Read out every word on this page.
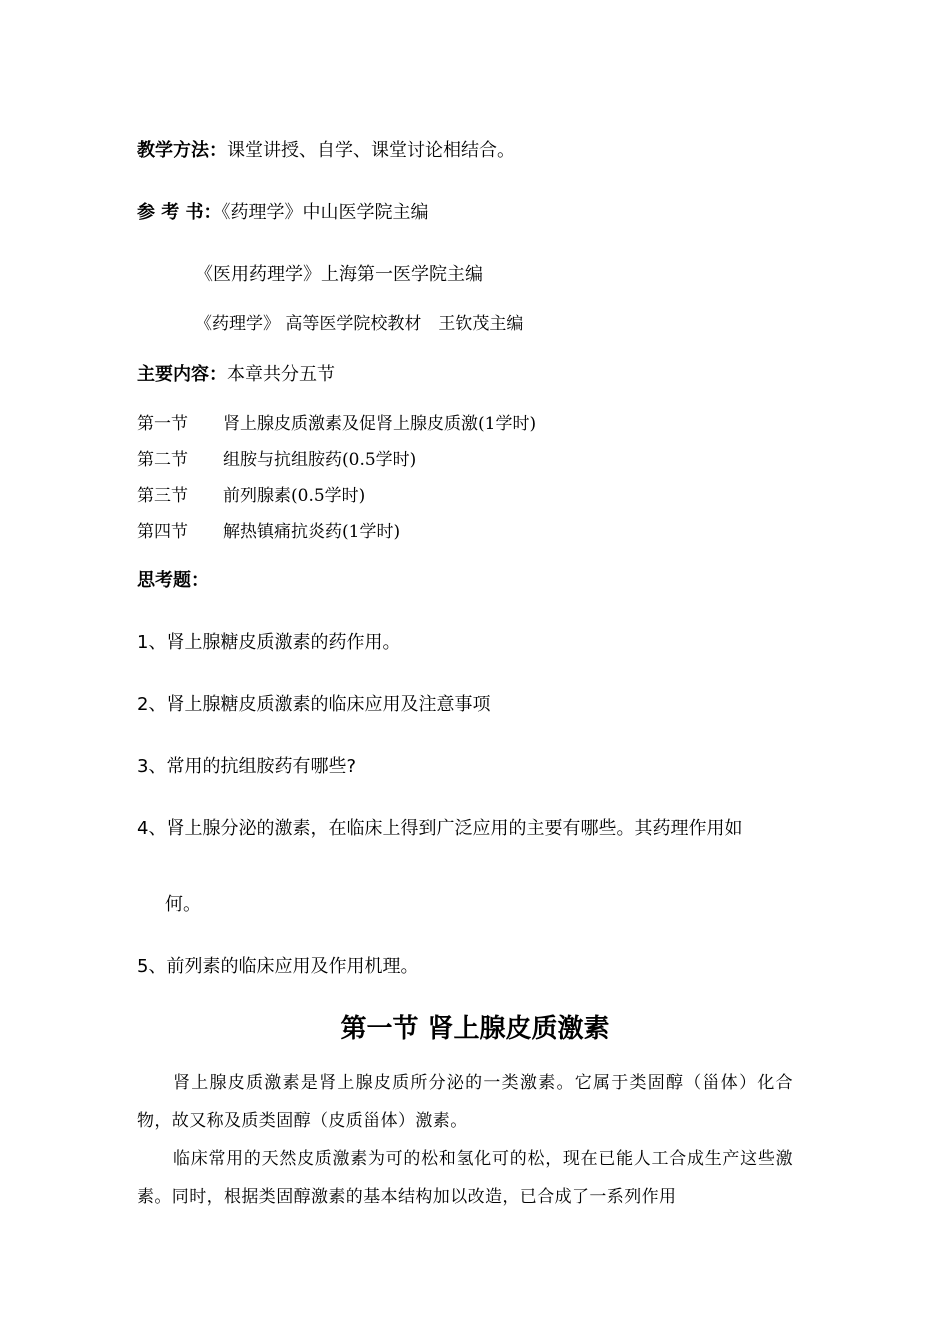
教学方法：课堂讲授、自学、课堂讨论相结合。
参 考 书：《药理学》中山医学院主编
《医用药理学》上海第一医学院主编
《药理学》 高等医学院校教材　王钦茂主编
主要内容：本章共分五节
第一节 肾上腺皮质激素及促肾上腺皮质激(1学时)
第二节 组胺与抗组胺药(0.5学时)
第三节 前列腺素(0.5学时)
第四节 解热镇痛抗炎药(1学时)
思考题：
1、肾上腺糖皮质激素的药作用。
2、肾上腺糖皮质激素的临床应用及注意事项
3、常用的抗组胺药有哪些?
4、肾上腺分泌的激素，在临床上得到广泛应用的主要有哪些。其药理作用如
何。
5、前列素的临床应用及作用机理。
第一节 肾上腺皮质激素
肾上腺皮质激素是肾上腺皮质所分泌的一类激素。它属于类固醇（甾体）化合物，故又称及质类固醇（皮质甾体）激素。
临床常用的天然皮质激素为可的松和氢化可的松，现在已能人工合成生产这些激素。同时，根据类固醇激素的基本结构加以改造，已合成了一系列作用
